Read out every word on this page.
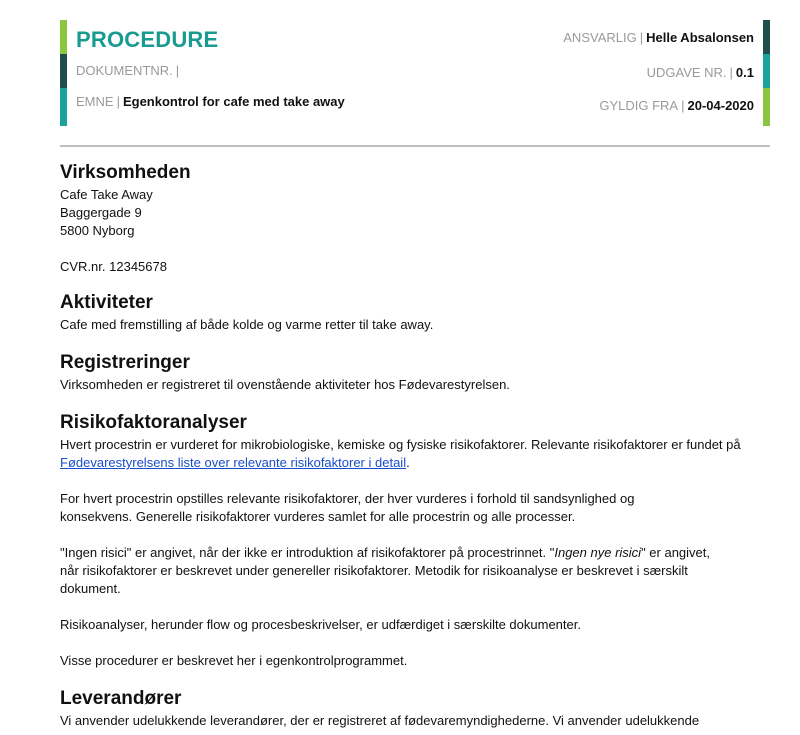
PROCEDURE
DOKUMENTNR. |
EMNE | Egenkontrol for cafe med take away
ANSVARLIG | Helle Absalonsen
UDGAVE NR. | 0.1
GYLDIG FRA | 20-04-2020
Virksomheden

Cafe Take Away

Baggergade 9

5800 Nyborg

CVR.nr. 12345678

Aktiviteter

Cafe med fremstilling af både kolde og varme retter til take away.

Registreringer

Virksomheden er registreret til ovenstående aktiviteter hos Fødevarestyrelsen.

Risikofaktoranalyser

Hvert procestrin er vurderet for mikrobiologiske, kemiske og fysiske risikofaktorer. Relevante risikofaktorer er fundet på Fødevarestyrelsens liste over relevante risikofaktorer i detail.

For hvert procestrin opstilles relevante risikofaktorer, der hver vurderes i forhold til sandsynlighed og
konsekvens. Generelle risikofaktorer vurderes samlet for alle procestrin og alle processer.

"Ingen risici" er angivet, når der ikke er introduktion af risikofaktorer på procestrinnet. "Ingen nye risici" er angivet,
når risikofaktorer er beskrevet under genereller risikofaktorer. Metodik for risikoanalyse er beskrevet i særskilt
dokument.

Risikoanalyser, herunder flow og procesbeskrivelser, er udfærdiget i særskilte dokumenter.

Visse procedurer er beskrevet her i egenkontrolprogrammet.

Leverandører

Vi anvender udelukkende leverandører, der er registreret af fødevaremyndighederne. Vi anvender udelukkende
